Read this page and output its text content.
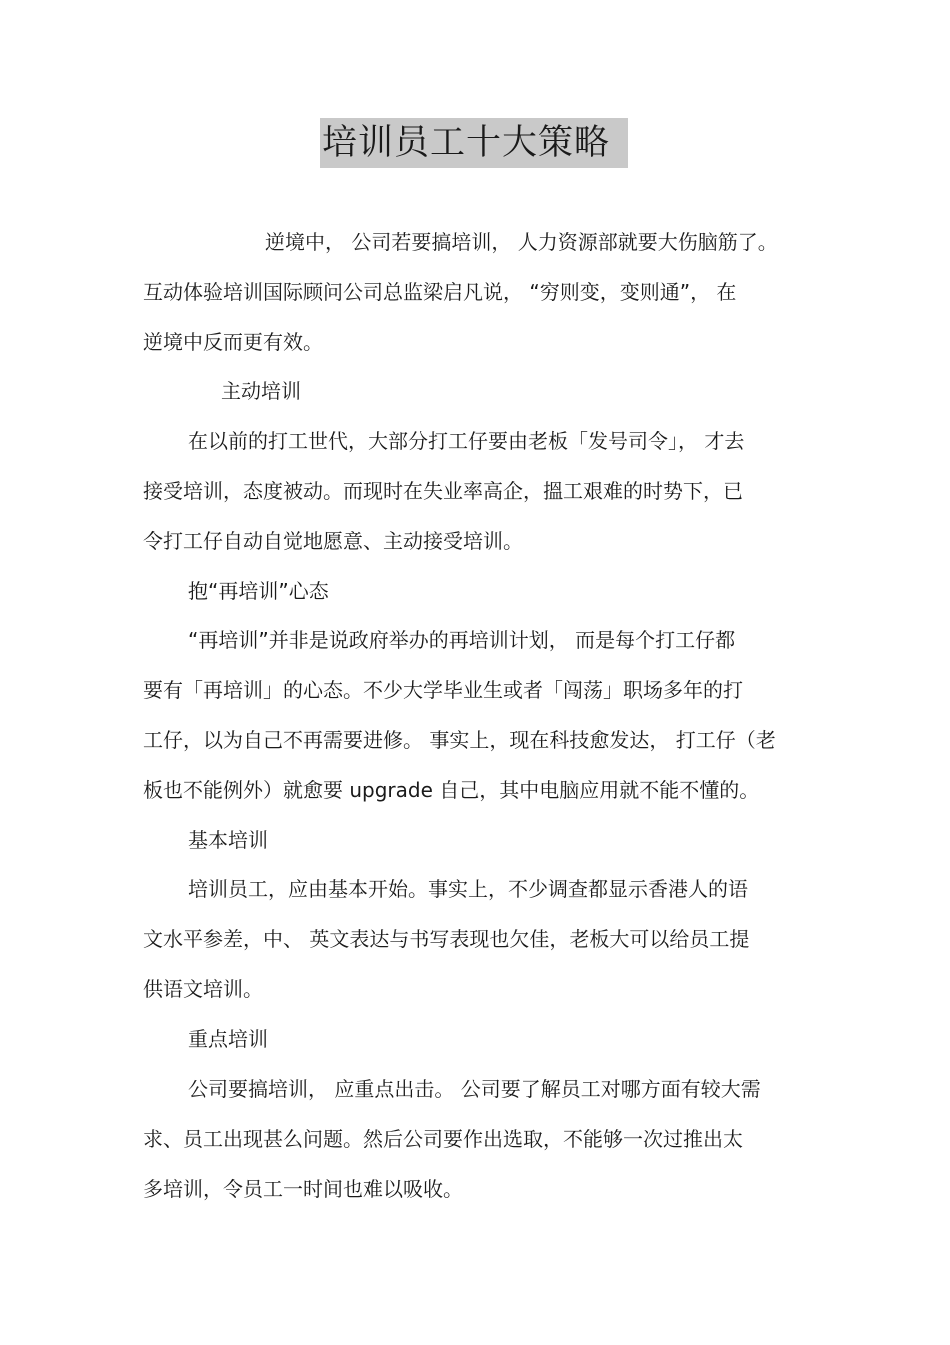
培训员工十大策略
逆境中， 公司若要搞培训， 人力资源部就要大伤脑筋了。
互动体验培训国际顾问公司总监梁启凡说， “穷则变，变则通”， 在
逆境中反而更有效。
主动培训
在以前的打工世代，大部分打工仔要由老板「发号司令」， 才去
接受培训，态度被动。而现时在失业率高企，搵工艰难的时势下，已
令打工仔自动自觉地愿意、主动接受培训。
抱“再培训”心态
“再培训”并非是说政府举办的再培训计划， 而是每个打工仔都
要有「再培训」的心态。不少大学毕业生或者「闯荡」职场多年的打
工仔，以为自己不再需要进修。 事实上，现在科技愈发达， 打工仔（老
板也不能例外）就愈要 upgrade 自己，其中电脑应用就不能不懂的。
基本培训
培训员工，应由基本开始。事实上，不少调查都显示香港人的语
文水平参差，中、 英文表达与书写表现也欠佳，老板大可以给员工提
供语文培训。
重点培训
公司要搞培训， 应重点出击。 公司要了解员工对哪方面有较大需
求、员工出现甚么问题。然后公司要作出选取，不能够一次过推出太
多培训，令员工一时间也难以吸收。
